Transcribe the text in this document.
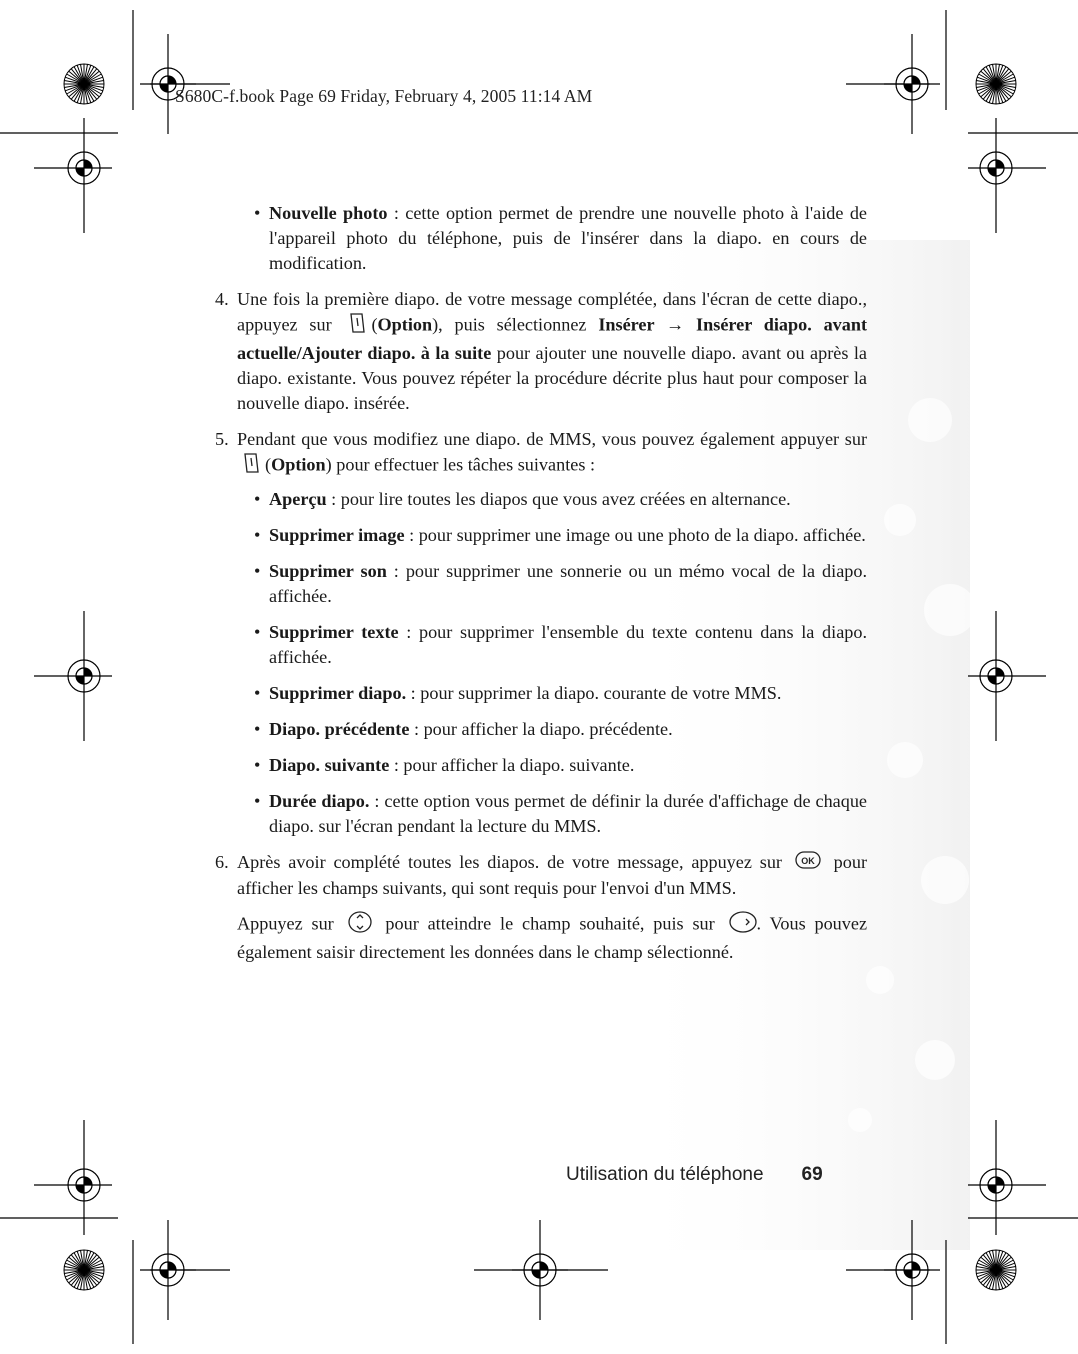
S680C-f.book Page 69 Friday, February 4, 2005 11:14 AM
• Nouvelle photo : cette option permet de prendre une nouvelle photo à l'aide de l'appareil photo du téléphone, puis de l'insérer dans la diapo. en cours de modification.
4. Une fois la première diapo. de votre message complétée, dans l'écran de cette diapo., appuyez sur (Option), puis sélectionnez Insérer → Insérer diapo. avant actuelle/Ajouter diapo. à la suite pour ajouter une nouvelle diapo. avant ou après la diapo. existante. Vous pouvez répéter la procédure décrite plus haut pour composer la nouvelle diapo. insérée.
5. Pendant que vous modifiez une diapo. de MMS, vous pouvez également appuyer sur (Option) pour effectuer les tâches suivantes :
• Aperçu : pour lire toutes les diapos que vous avez créées en alternance.
• Supprimer image : pour supprimer une image ou une photo de la diapo. affichée.
• Supprimer son : pour supprimer une sonnerie ou un mémo vocal de la diapo. affichée.
• Supprimer texte : pour supprimer l'ensemble du texte contenu dans la diapo. affichée.
• Supprimer diapo. : pour supprimer la diapo. courante de votre MMS.
• Diapo. précédente : pour afficher la diapo. précédente.
• Diapo. suivante : pour afficher la diapo. suivante.
• Durée diapo. : cette option vous permet de définir la durée d'affichage de chaque diapo. sur l'écran pendant la lecture du MMS.
6. Après avoir complété toutes les diapos. de votre message, appuyez sur OK pour afficher les champs suivants, qui sont requis pour l'envoi d'un MMS.
Appuyez sur	pour atteindre le champ souhaité, puis sur . Vous pouvez également saisir directement les données dans le champ sélectionné.
Utilisation du téléphone 69
